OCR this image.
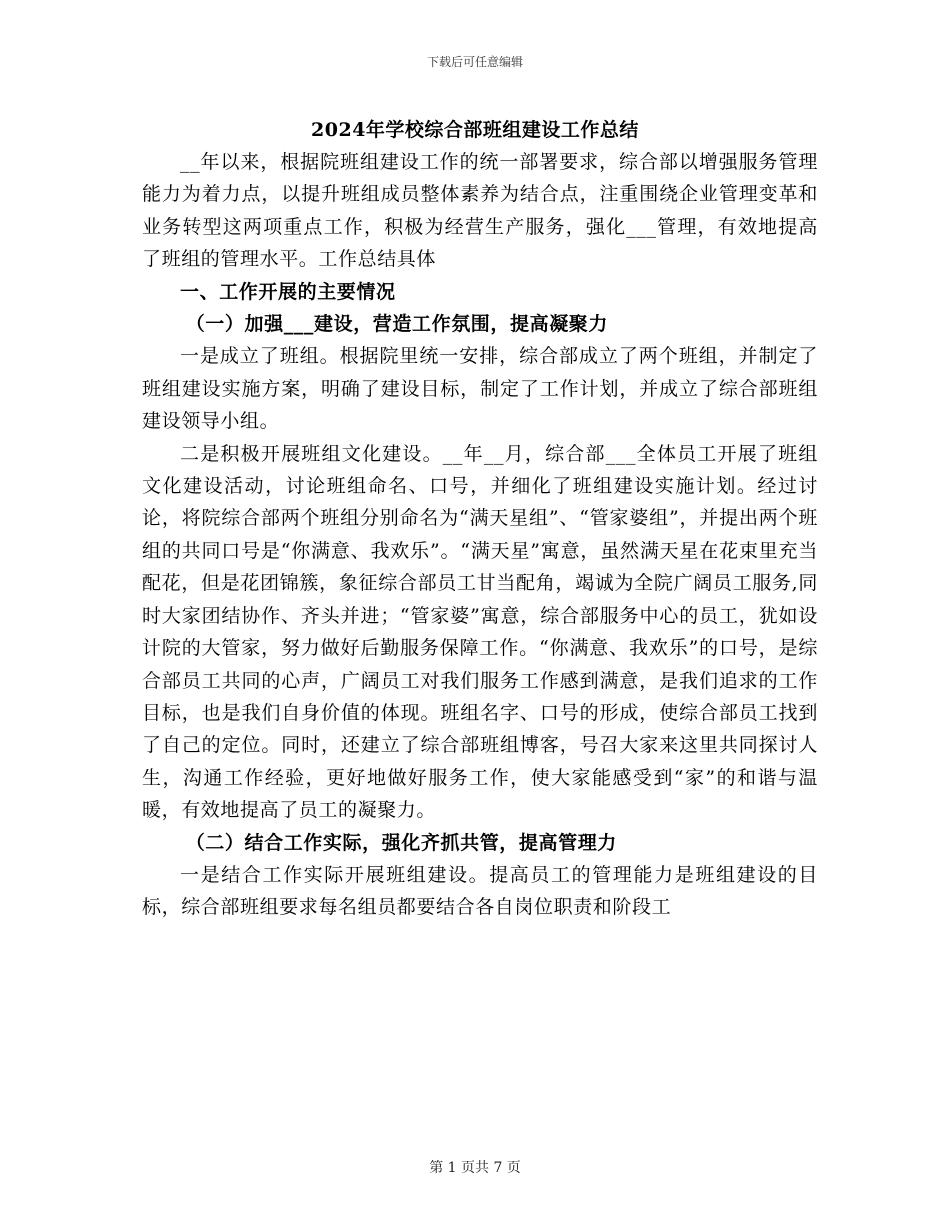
下载后可任意编辑
2024年学校综合部班组建设工作总结

__年以来，根据院班组建设工作的统一部署要求，综合部以增强服务管理能力为着力点，以提升班组成员整体素养为结合点，注重围绕企业管理变革和业务转型这两项重点工作，积极为经营生产服务，强化___管理，有效地提高了班组的管理水平。工作总结具体

一、工作开展的主要情况
（一）加强___建设，营造工作氛围，提高凝聚力

一是成立了班组。根据院里统一安排，综合部成立了两个班组，并制定了班组建设实施方案，明确了建设目标，制定了工作计划，并成立了综合部班组建设领导小组。

二是积极开展班组文化建设。__年__月，综合部___全体员工开展了班组文化建设活动，讨论班组命名、口号，并细化了班组建设实施计划。经过讨论，将院综合部两个班组分别命名为“满天星组”、“管家婆组”，并提出两个班组的共同口号是“你满意、我欢乐”。“满天星”寓意，虽然满天星在花束里充当配花，但是花团锦簇，象征综合部员工甘当配角，竭诚为全院广阔员工服务,同时大家团结协作、齐头并进；“管家婆”寓意，综合部服务中心的员工，犹如设计院的大管家，努力做好后勤服务保障工作。“你满意、我欢乐”的口号，是综合部员工共同的心声，广阔员工对我们服务工作感到满意，是我们追求的工作目标，也是我们自身价值的体现。班组名字、口号的形成，使综合部员工找到了自己的定位。同时，还建立了综合部班组博客，号召大家来这里共同探讨人生，沟通工作经验，更好地做好服务工作，使大家能感受到“家”的和谐与温暖，有效地提高了员工的凝聚力。

（二）结合工作实际，强化齐抓共管，提高管理力

一是结合工作实际开展班组建设。提高员工的管理能力是班组建设的目标，综合部班组要求每名组员都要结合各自岗位职责和阶段工

第 1 页共 7 页
